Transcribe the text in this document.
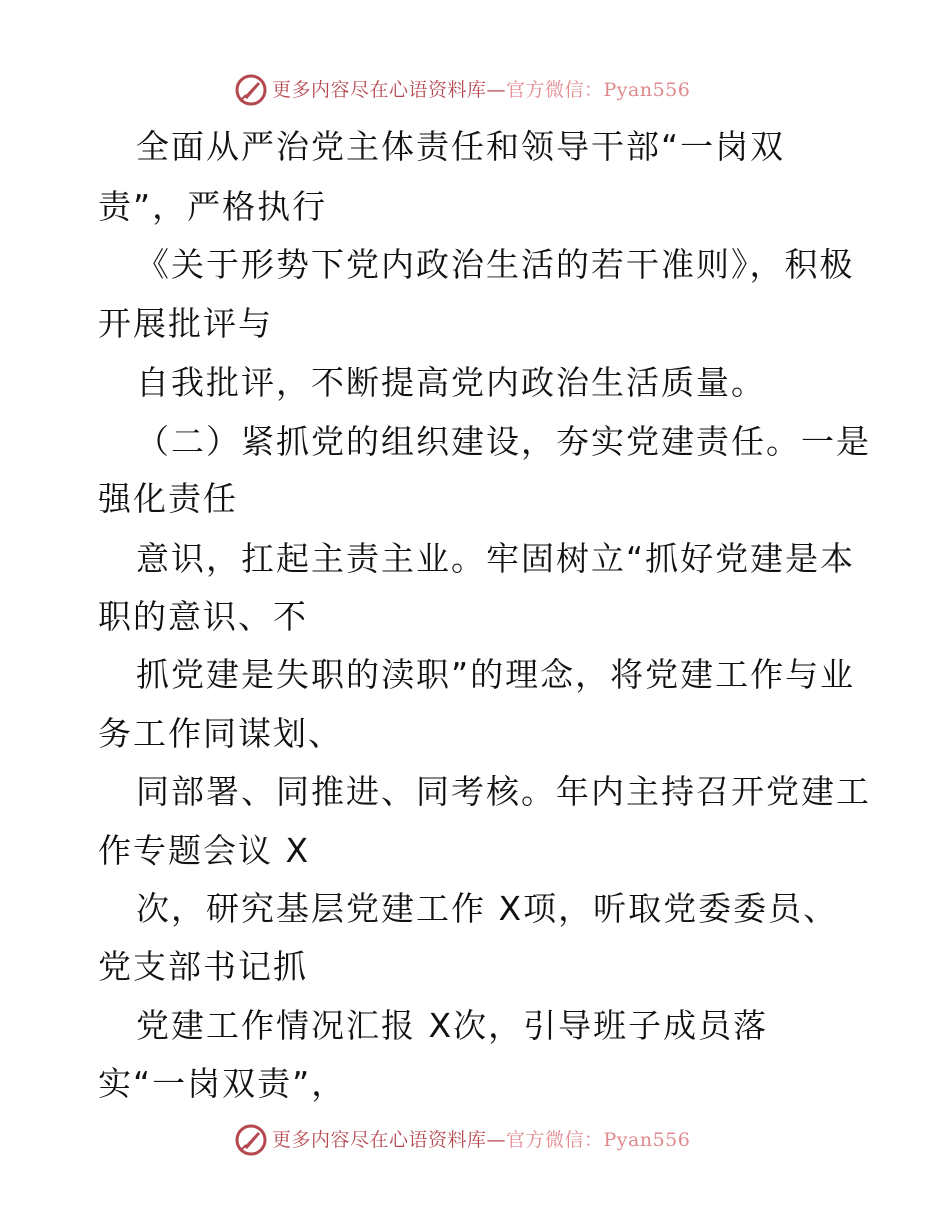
更多内容尽在心语资料库—官方微信：Pyan556
全面从严治党主体责任和领导干部“一岗双
责”，严格执行
《关于形势下党内政治生活的若干准则》，积极
开展批评与
自我批评，不断提高党内政治生活质量。
（二）紧抓党的组织建设，夯实党建责任。一是
强化责任
意识，扛起主责主业。牢固树立“抓好党建是本
职的意识、不
抓党建是失职的渎职”的理念，将党建工作与业
务工作同谋划、
同部署、同推进、同考核。年内主持召开党建工
作专题会议 X
次，研究基层党建工作 X项，听取党委委员、
党支部书记抓
党建工作情况汇报 X次，引导班子成员落
实“一岗双责”，
更多内容尽在心语资料库—官方微信：Pyan556
